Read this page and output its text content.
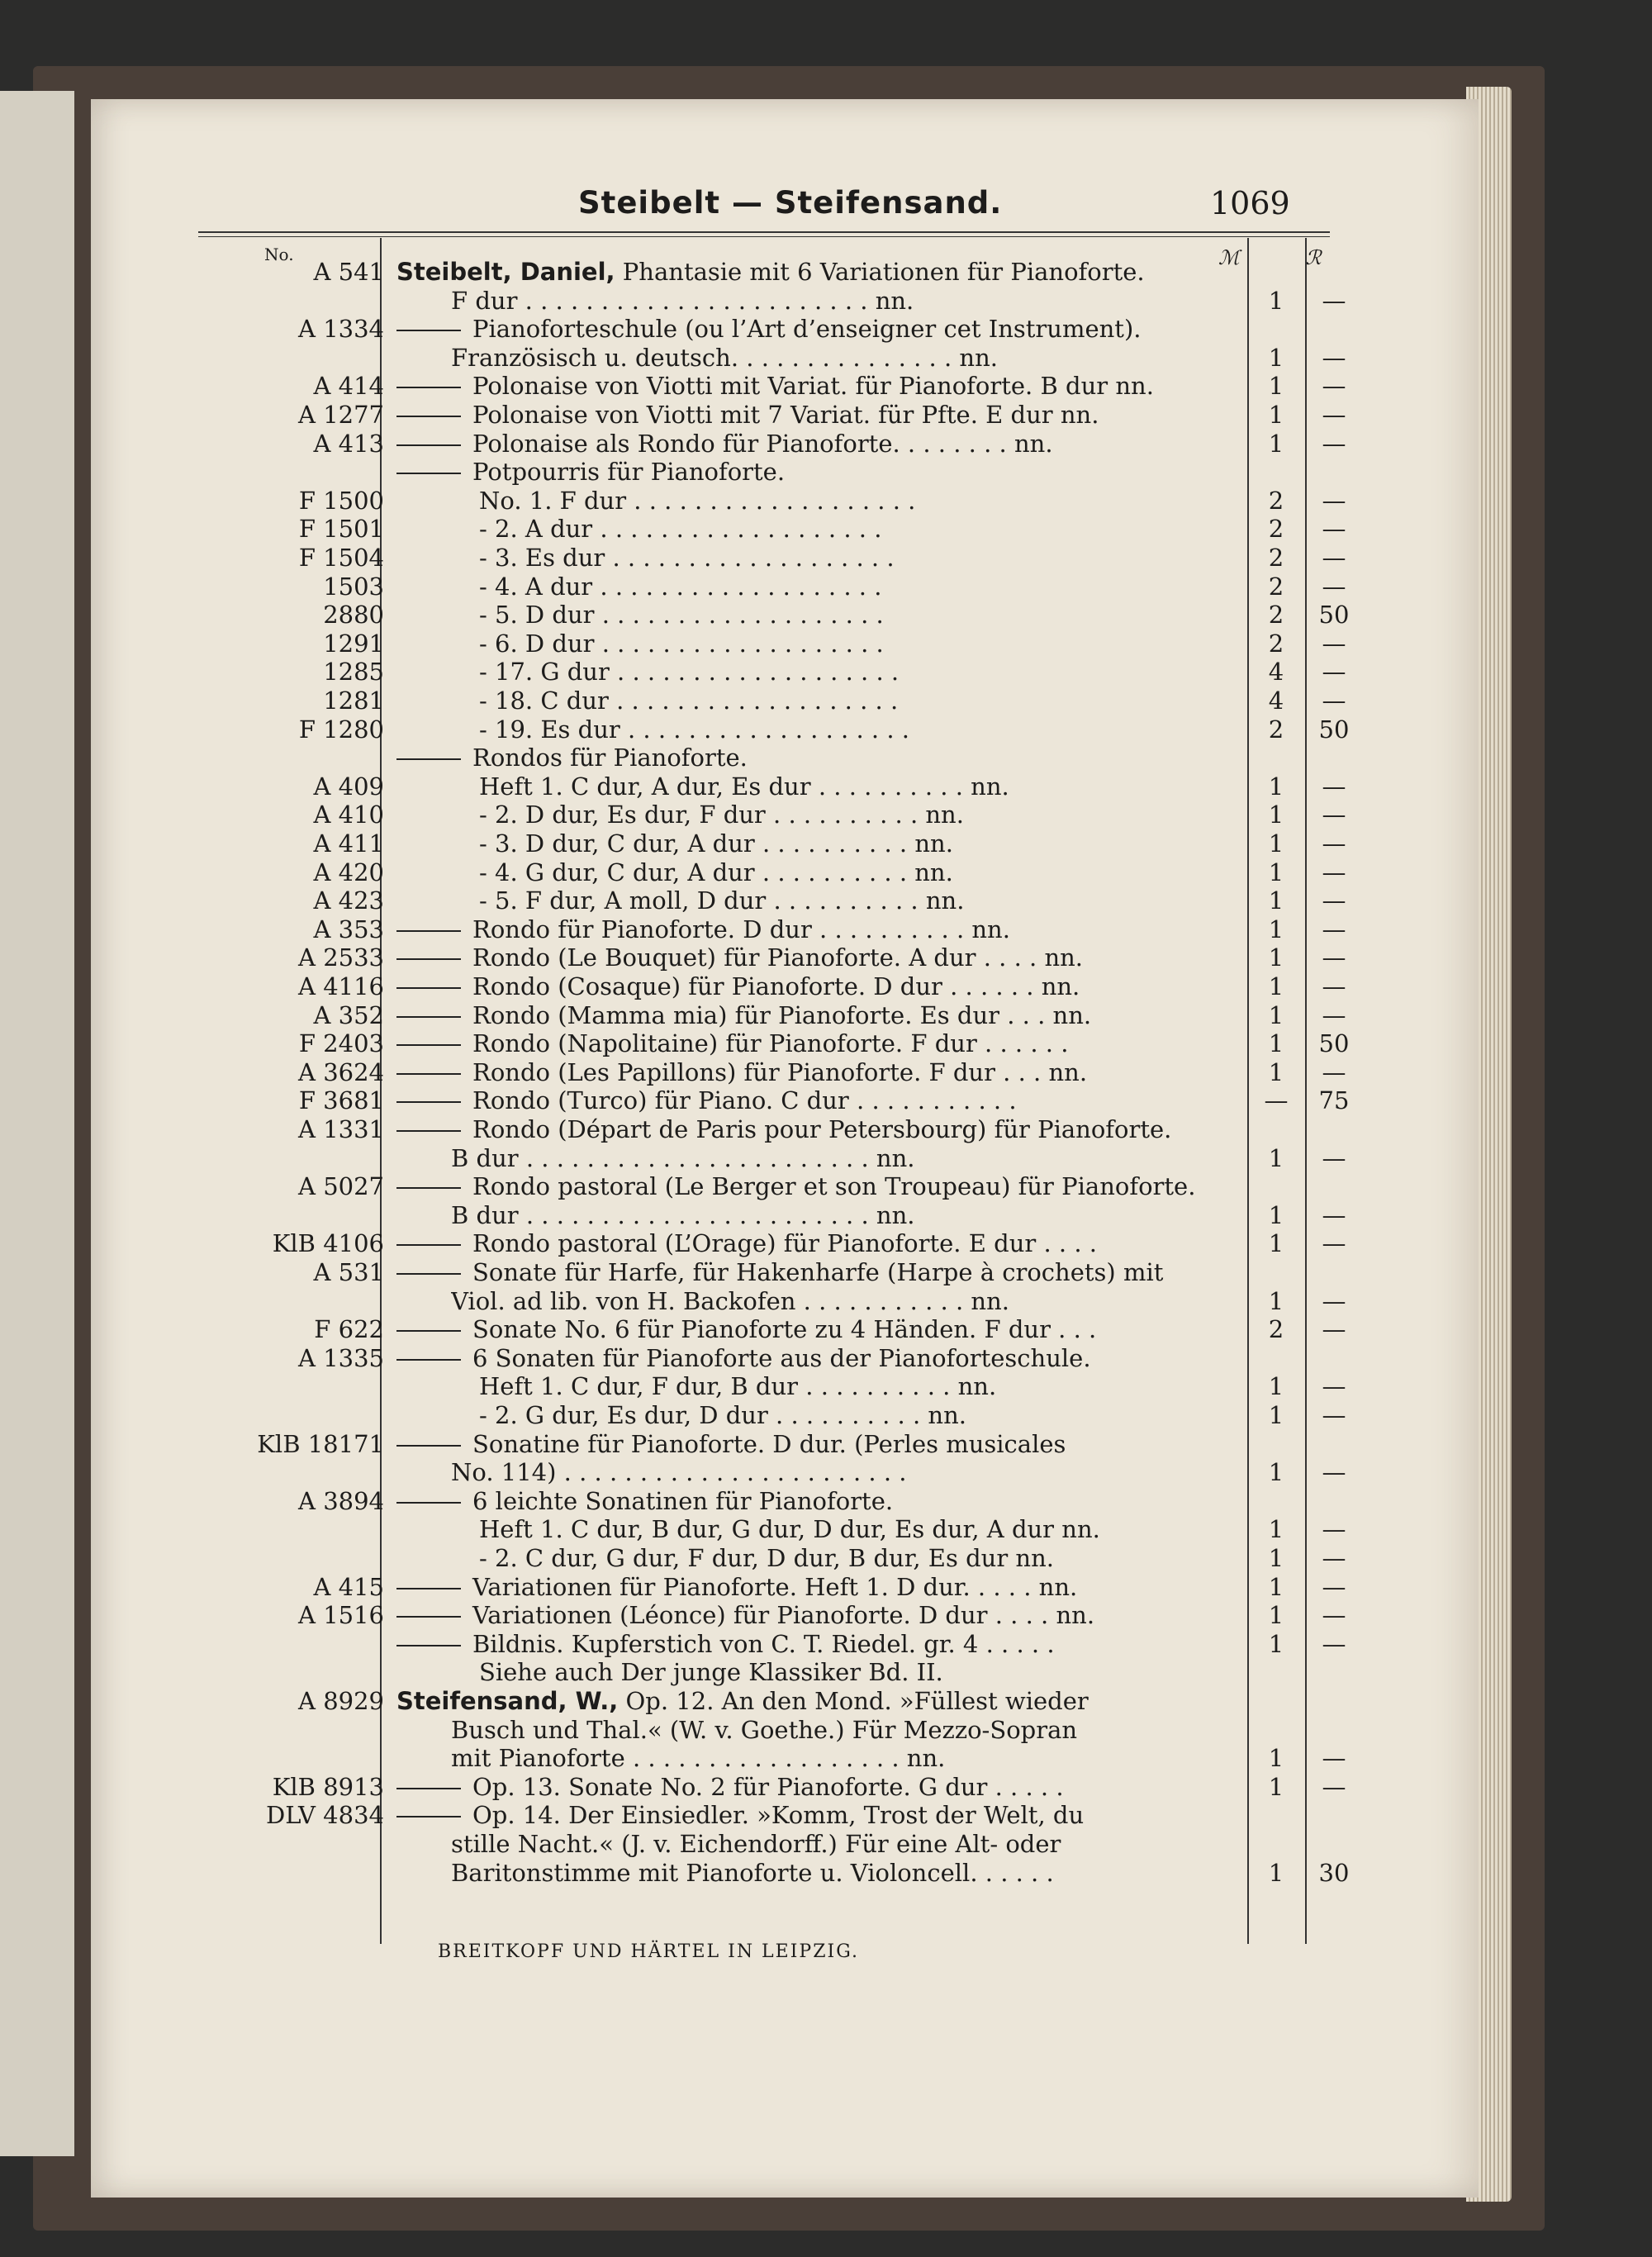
Steibelt — Steifensand.	1069
No.	ℳ	ℛ
A 541 Steibelt, Daniel, Phantasie mit 6 Variationen für Pianoforte.
F dur . . . . . . . . . . . . . . . . . . . . . . . nn.	1	—
A 1334	Pianoforteschule (ou l’Art d’enseigner cet Instrument).
Französisch u. deutsch. . . . . . . . . . . . . . . nn.	1	—
A 414	Polonaise von Viotti mit Variat. für Pianoforte. B dur nn.	1	—
A 1277	Polonaise von Viotti mit 7 Variat. für Pfte. E dur nn.	1	—
A 413	Polonaise als Rondo für Pianoforte. . . . . . . . nn.	1	—
Potpourris für Pianoforte.
F 1500	No. 1. F dur . . . . . . . . . . . . . . . . . . .	2	—
F 1501	- 2. A dur . . . . . . . . . . . . . . . . . . .	2	—
F 1504	- 3. Es dur . . . . . . . . . . . . . . . . . . .	2	—
1503	- 4. A dur . . . . . . . . . . . . . . . . . . .	2	—
2880	- 5. D dur . . . . . . . . . . . . . . . . . . .	2	50
1291	- 6. D dur . . . . . . . . . . . . . . . . . . .	2	—
1285	- 17. G dur . . . . . . . . . . . . . . . . . . .	4	—
1281	- 18. C dur . . . . . . . . . . . . . . . . . . .	4	—
F 1280	- 19. Es dur . . . . . . . . . . . . . . . . . . .	2	50
Rondos für Pianoforte.
A 409	Heft 1. C dur, A dur, Es dur . . . . . . . . . . nn.	1	—
A 410	- 2. D dur, Es dur, F dur . . . . . . . . . . nn.	1	—
A 411	- 3. D dur, C dur, A dur . . . . . . . . . . nn.	1	—
A 420	- 4. G dur, C dur, A dur . . . . . . . . . . nn.	1	—
A 423	- 5. F dur, A moll, D dur . . . . . . . . . . nn.	1	—
A 353	Rondo für Pianoforte. D dur . . . . . . . . . . nn.	1	—
A 2533	Rondo (Le Bouquet) für Pianoforte. A dur . . . . nn.	1	—
A 4116	Rondo (Cosaque) für Pianoforte. D dur . . . . . . nn.	1	—
A 352	Rondo (Mamma mia) für Pianoforte. Es dur . . . nn.	1	—
F 2403	Rondo (Napolitaine) für Pianoforte. F dur . . . . . .	1	50
A 3624	Rondo (Les Papillons) für Pianoforte. F dur . . . nn.	1	—
F 3681	Rondo (Turco) für Piano. C dur . . . . . . . . . . .	—	75
A 1331	Rondo (Départ de Paris pour Petersbourg) für Pianoforte.
B dur . . . . . . . . . . . . . . . . . . . . . . . nn.	1	—
A 5027	Rondo pastoral (Le Berger et son Troupeau) für Pianoforte.
B dur . . . . . . . . . . . . . . . . . . . . . . . nn.	1	—
KlB 4106	Rondo pastoral (L’Orage) für Pianoforte. E dur . . . .	1	—
A 531	Sonate für Harfe, für Hakenharfe (Harpe à crochets) mit
Viol. ad lib. von H. Backofen . . . . . . . . . . . nn.	1	—
F 622	Sonate No. 6 für Pianoforte zu 4 Händen. F dur . . .	2	—
A 1335	6 Sonaten für Pianoforte aus der Pianoforteschule.
Heft 1. C dur, F dur, B dur . . . . . . . . . . nn.	1	—
- 2. G dur, Es dur, D dur . . . . . . . . . . nn.	1	—
KlB 18171	Sonatine für Pianoforte. D dur. (Perles musicales
No. 114) . . . . . . . . . . . . . . . . . . . . . . .	1	—
A 3894	6 leichte Sonatinen für Pianoforte.
Heft 1. C dur, B dur, G dur, D dur, Es dur, A dur nn.	1	—
- 2. C dur, G dur, F dur, D dur, B dur, Es dur nn.	1	—
A 415	Variationen für Pianoforte. Heft 1. D dur. . . . . nn.	1	—
A 1516	Variationen (Léonce) für Pianoforte. D dur . . . . nn.	1	—
Bildnis. Kupferstich von C. T. Riedel. gr. 4 . . . . .	1	—
Siehe auch Der junge Klassiker Bd. II.
A 8929 Steifensand, W., Op. 12. An den Mond. »Füllest wieder
Busch und Thal.« (W. v. Goethe.) Für Mezzo-Sopran
mit Pianoforte . . . . . . . . . . . . . . . . . . nn.	1	—
KlB 8913	Op. 13. Sonate No. 2 für Pianoforte. G dur . . . . .	1	—
DLV 4834	Op. 14. Der Einsiedler. »Komm, Trost der Welt, du
stille Nacht.« (J. v. Eichendorff.) Für eine Alt- oder
Baritonstimme mit Pianoforte u. Violoncell. . . . . .	1	30
BREITKOPF UND HÄRTEL IN LEIPZIG.
